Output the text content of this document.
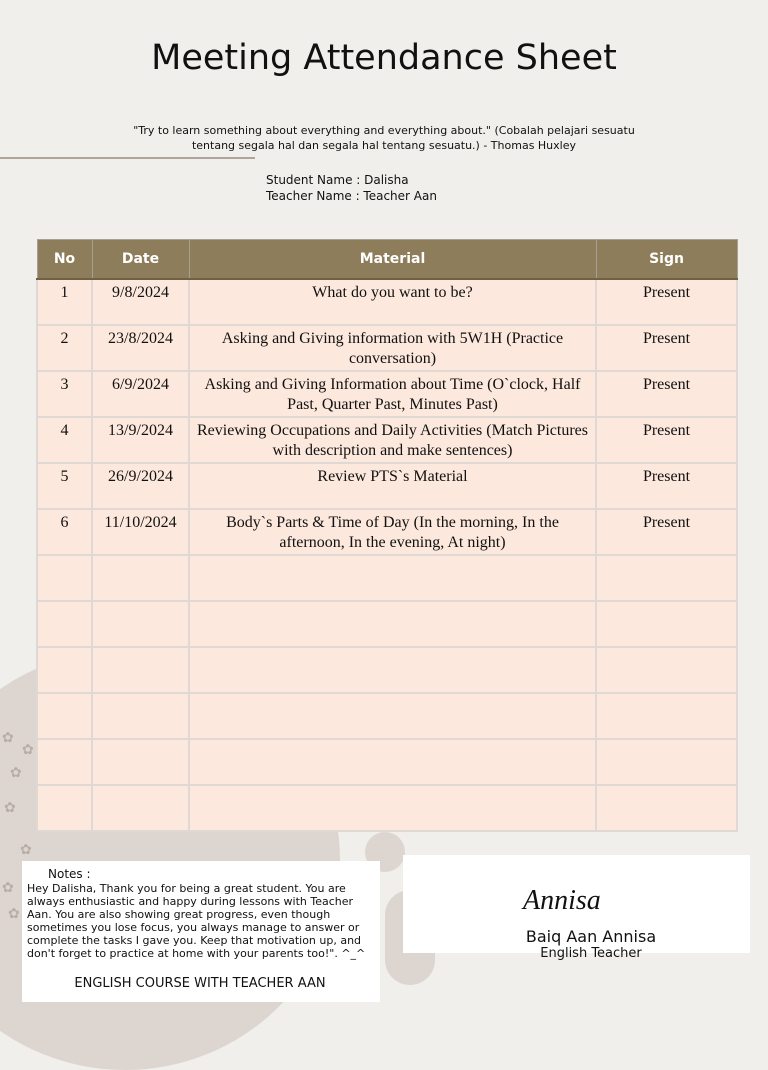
✿
✿
✿
✿
✿
✿
✿
Meeting Attendance Sheet
"Try to learn something about everything and everything about." (Cobalah pelajari sesuatu tentang segala hal dan segala hal tentang sesuatu.) - Thomas Huxley
Student Name : Dalisha
Teacher Name : Teacher Aan
No	Date	Material	Sign
1	9/8/2024	What do you want to be?	Present
2	23/8/2024	Asking and Giving information with 5W1H (Practice conversation)	Present
3	6/9/2024	Asking and Giving Information about Time (O`clock, Half Past, Quarter Past, Minutes Past)	Present
4	13/9/2024	Reviewing Occupations and Daily Activities (Match Pictures with description and make sentences)	Present
5	26/9/2024	Review PTS`s Material	Present
6	11/10/2024	Body`s Parts & Time of Day (In the morning, In the afternoon, In the evening, At night)	Present

Notes :
Hey Dalisha, Thank you for being a great student. You are always enthusiastic and happy during lessons with Teacher Aan. You are also showing great progress, even though sometimes you lose focus, you always manage to answer or complete the tasks I gave you. Keep that motivation up, and don't forget to practice at home with your parents too!". ^_^
ENGLISH COURSE WITH TEACHER AAN
Annisa
Baiq Aan Annisa
English Teacher
